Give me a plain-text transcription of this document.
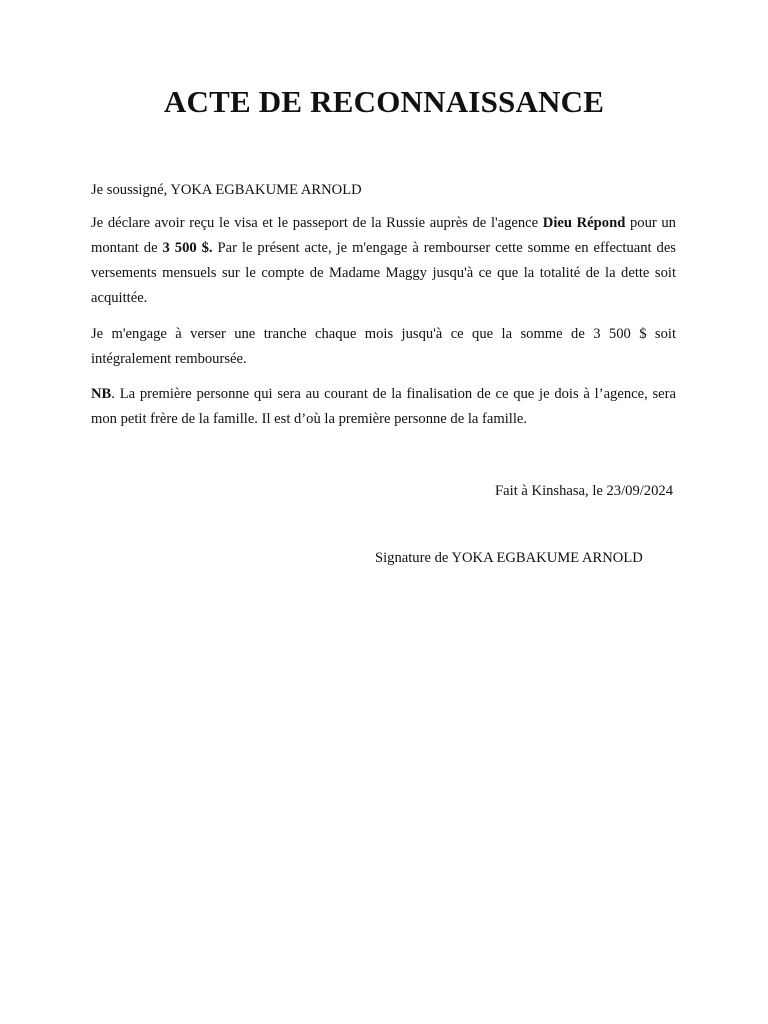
ACTE DE RECONNAISSANCE

Je soussigné, YOKA EGBAKUME ARNOLD

Je déclare avoir reçu le visa et le passeport de la Russie auprès de l'agence Dieu Répond pour un montant de 3 500 $. Par le présent acte, je m'engage à rembourser cette somme en effectuant des versements mensuels sur le compte de Madame Maggy jusqu'à ce que la totalité de la dette soit acquittée.

Je m'engage à verser une tranche chaque mois jusqu'à ce que la somme de 3 500 $ soit intégralement remboursée.

NB. La première personne qui sera au courant de la finalisation de ce que je dois à l’agence, sera mon petit frère de la famille. Il est d’où la première personne de la famille.

Fait à Kinshasa, le 23/09/2024

Signature de YOKA EGBAKUME ARNOLD
